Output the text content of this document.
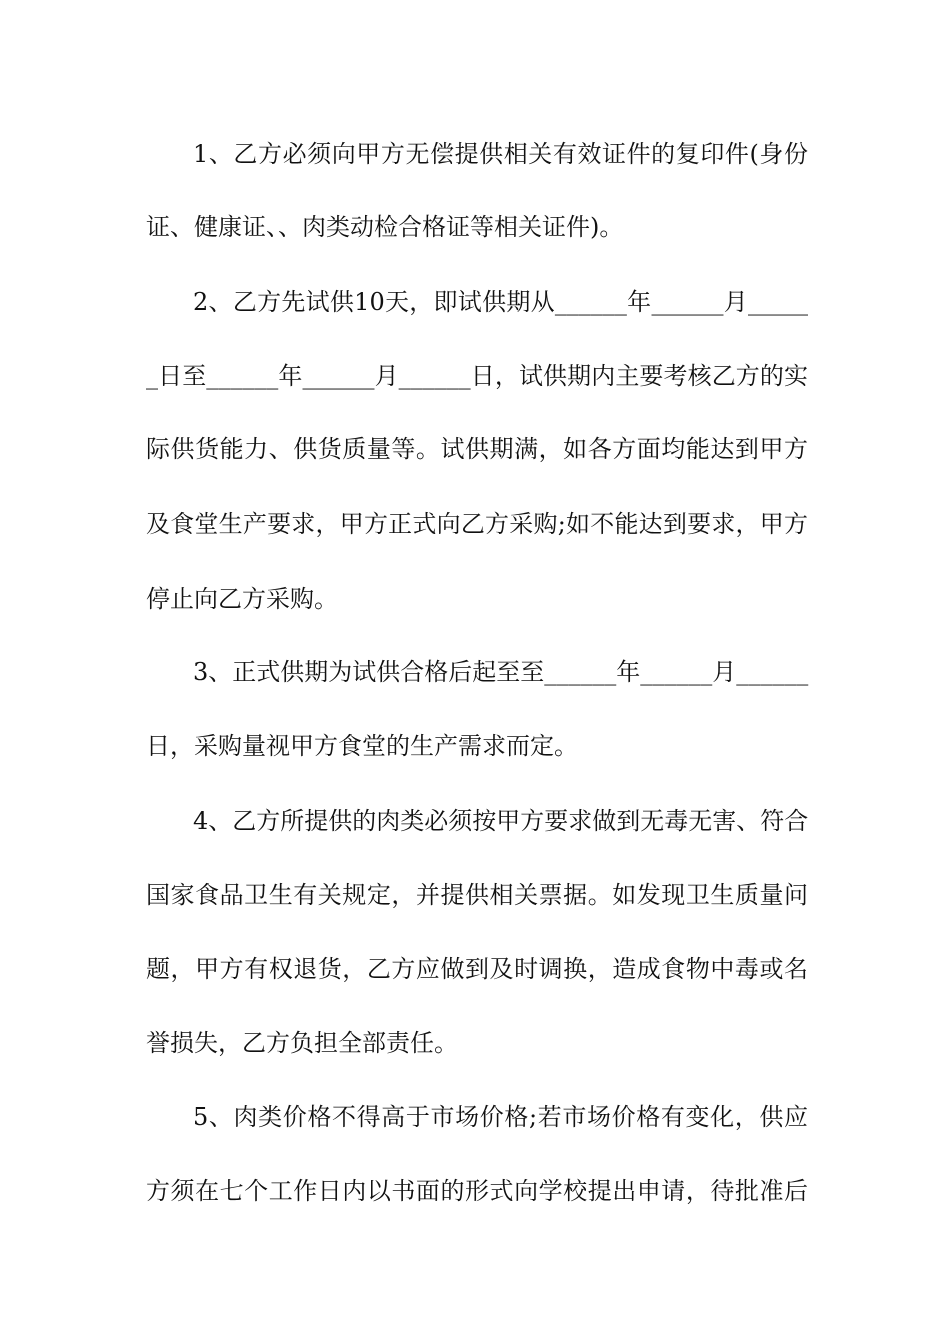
1、乙方必须向甲方无偿提供相关有效证件的复印件(身份
证、健康证、、肉类动检合格证等相关证件)。
2、乙方先试供10天，即试供期从______年______月_____
_日至______年______月______日，试供期内主要考核乙方的实
际供货能力、供货质量等。试供期满，如各方面均能达到甲方
及食堂生产要求，甲方正式向乙方采购;如不能达到要求，甲方
停止向乙方采购。
3、正式供期为试供合格后起至至______年______月______
日，采购量视甲方食堂的生产需求而定。
4、乙方所提供的肉类必须按甲方要求做到无毒无害、符合
国家食品卫生有关规定，并提供相关票据。如发现卫生质量问
题，甲方有权退货，乙方应做到及时调换，造成食物中毒或名
誉损失，乙方负担全部责任。
5、肉类价格不得高于市场价格;若市场价格有变化，供应
方须在七个工作日内以书面的形式向学校提出申请，待批准后
